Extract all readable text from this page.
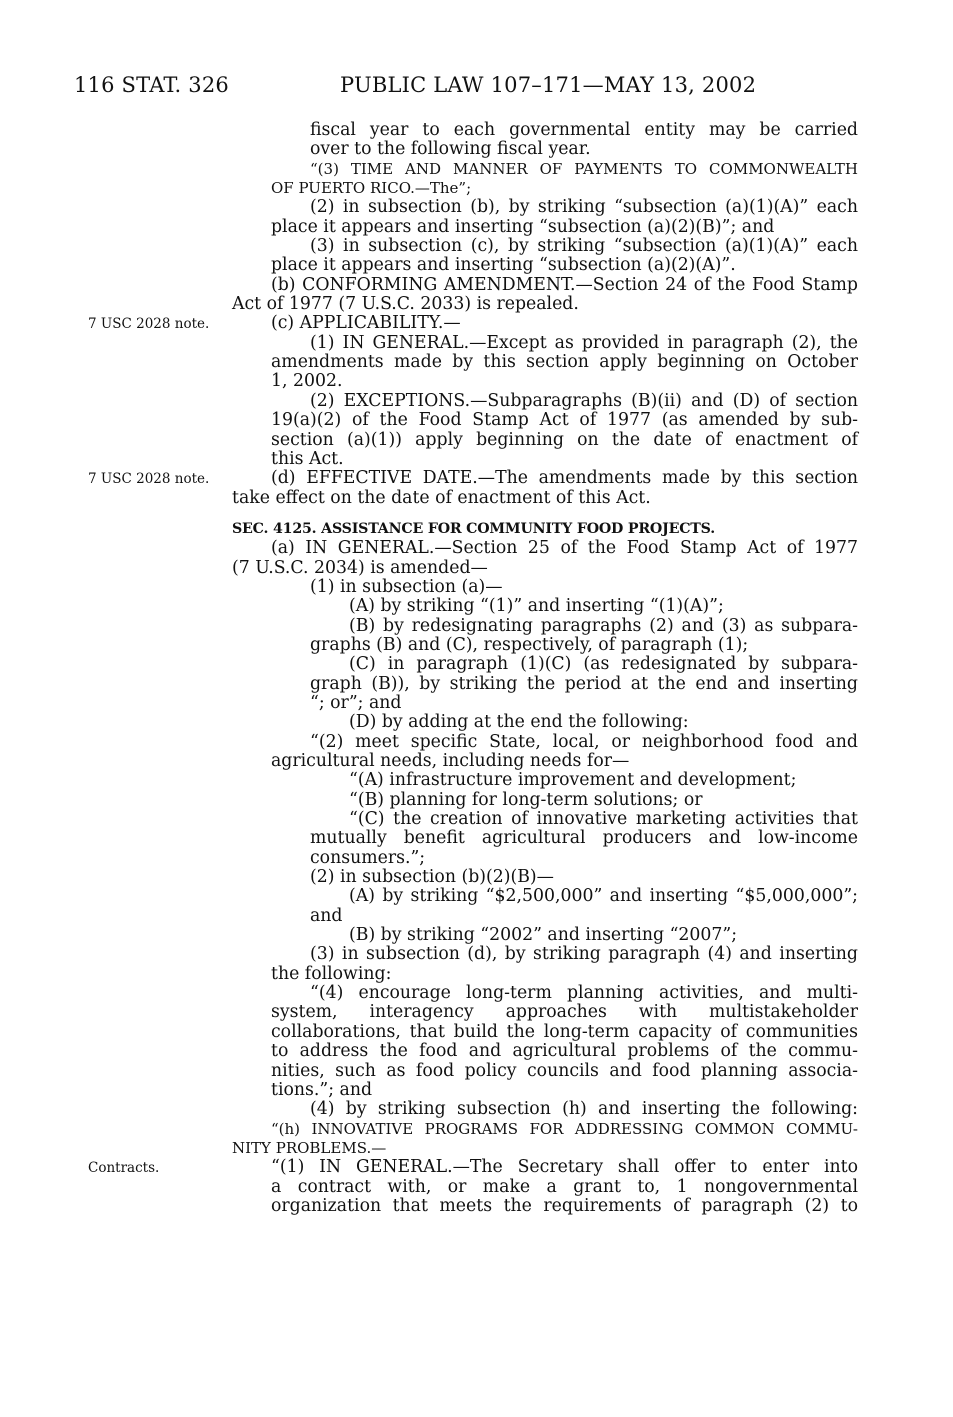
116 STAT. 326	PUBLIC LAW 107–171—MAY 13, 2002
fiscal year to each governmental entity may be carried
over to the following fiscal year.
“(3) TIME AND MANNER OF PAYMENTS TO COMMONWEALTH
OF PUERTO RICO.—The”;
(2) in subsection (b), by striking “subsection (a)(1)(A)” each
place it appears and inserting “subsection (a)(2)(B)”; and
(3) in subsection (c), by striking “subsection (a)(1)(A)” each
place it appears and inserting “subsection (a)(2)(A)”.
(b) CONFORMING AMENDMENT.—Section 24 of the Food Stamp
Act of 1977 (7 U.S.C. 2033) is repealed.
7 USC 2028 note.	(c) APPLICABILITY.—
(1) IN GENERAL.—Except as provided in paragraph (2), the
amendments made by this section apply beginning on October
1, 2002.
(2) EXCEPTIONS.—Subparagraphs (B)(ii) and (D) of section
19(a)(2) of the Food Stamp Act of 1977 (as amended by sub-
section (a)(1)) apply beginning on the date of enactment of
this Act.
7 USC 2028 note.	(d) EFFECTIVE DATE.—The amendments made by this section
take effect on the date of enactment of this Act.
SEC. 4125. ASSISTANCE FOR COMMUNITY FOOD PROJECTS.
(a) IN GENERAL.—Section 25 of the Food Stamp Act of 1977
(7 U.S.C. 2034) is amended—
(1) in subsection (a)—
(A) by striking “(1)” and inserting “(1)(A)”;
(B) by redesignating paragraphs (2) and (3) as subpara-
graphs (B) and (C), respectively, of paragraph (1);
(C) in paragraph (1)(C) (as redesignated by subpara-
graph (B)), by striking the period at the end and inserting
“; or”; and
(D) by adding at the end the following:
“(2) meet specific State, local, or neighborhood food and
agricultural needs, including needs for—
“(A) infrastructure improvement and development;
“(B) planning for long-term solutions; or
“(C) the creation of innovative marketing activities that
mutually benefit agricultural producers and low-income
consumers.”;
(2) in subsection (b)(2)(B)—
(A) by striking “$2,500,000” and inserting “$5,000,000”;
and
(B) by striking “2002” and inserting “2007”;
(3) in subsection (d), by striking paragraph (4) and inserting
the following:
“(4) encourage long-term planning activities, and multi-
system, interagency approaches with multistakeholder
collaborations, that build the long-term capacity of communities
to address the food and agricultural problems of the commu-
nities, such as food policy councils and food planning associa-
tions.”; and
(4) by striking subsection (h) and inserting the following:
“(h) INNOVATIVE PROGRAMS FOR ADDRESSING COMMON COMMU-
NITY PROBLEMS.—
Contracts.	“(1) IN GENERAL.—The Secretary shall offer to enter into
a contract with, or make a grant to, 1 nongovernmental
organization that meets the requirements of paragraph (2) to
